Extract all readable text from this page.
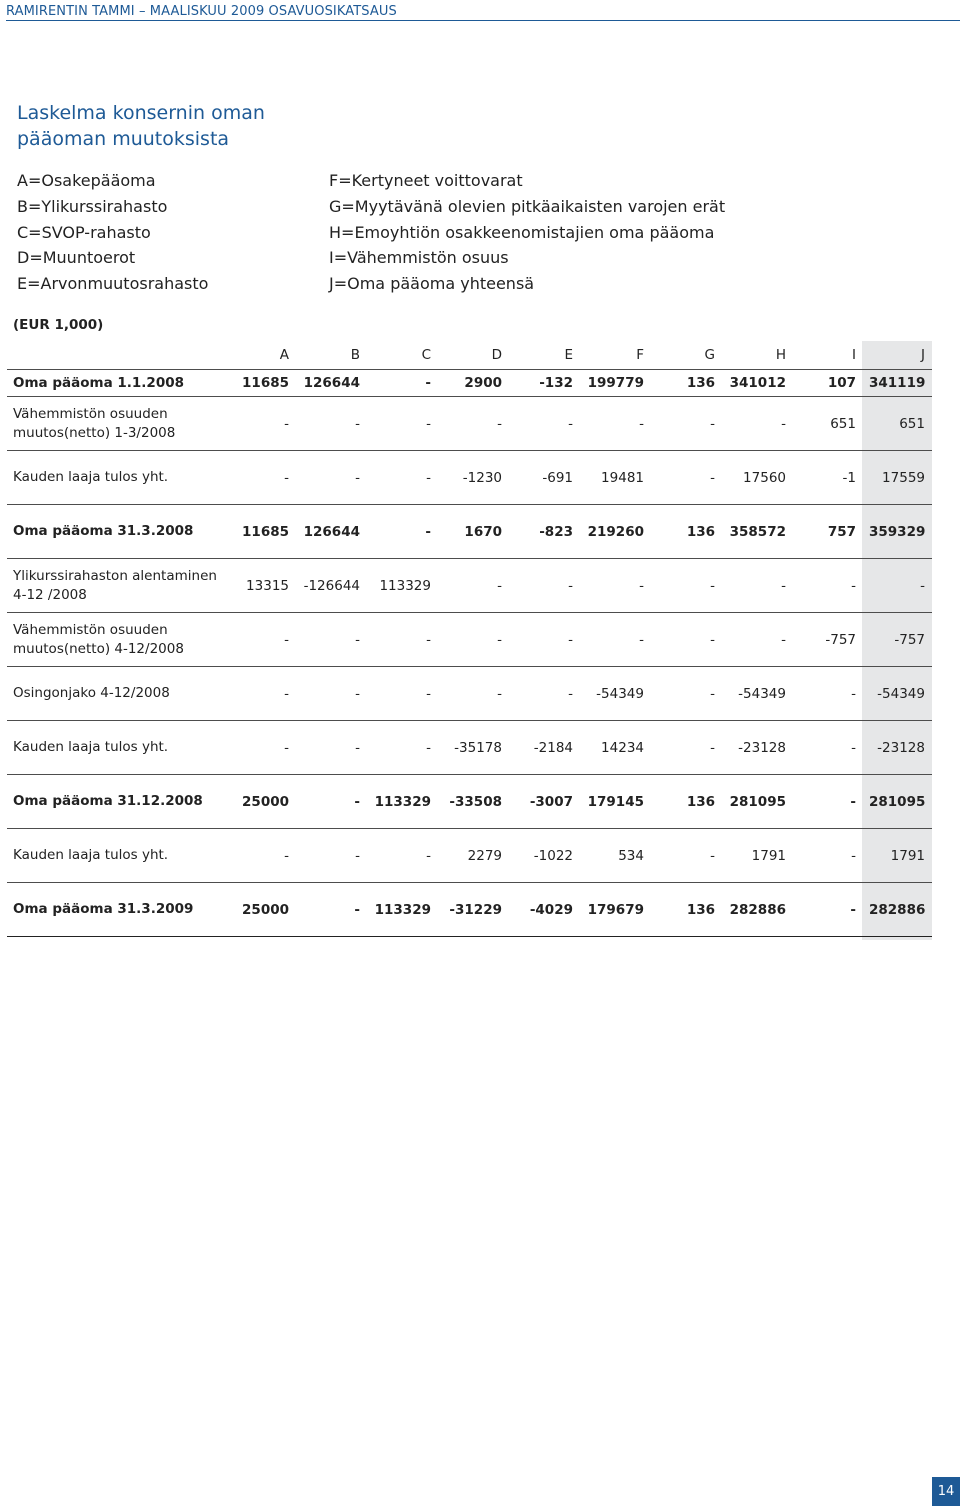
RAMIRENTIN TAMMI – MAALISKUU 2009 OSAVUOSIKATSAUS
Laskelma konsernin oman
pääoman muutoksista
A=Osakepääoma
B=Ylikurssirahasto
C=SVOP-rahasto
D=Muuntoerot
E=Arvonmuutosrahasto
F=Kertyneet voittovarat
G=Myytävänä olevien pitkäaikaisten varojen erät
H=Emoyhtiön osakkeenomistajien oma pääoma
I=Vähemmistön osuus
J=Oma pääoma yhteensä
(EUR 1,000)
	A	B	C	D	E	F	G	H	I	J
Oma pääoma 1.1.2008	11685	126644	-	2900	-132	199779	136	341012	107	341119
Vähemmistön osuuden muutos(netto) 1-3/2008	-	-	-	-	-	-	-	-	651	651
Kauden laaja tulos yht.	-	-	-	-1230	-691	19481	-	17560	-1	17559
Oma pääoma 31.3.2008	11685	126644	-	1670	-823	219260	136	358572	757	359329
Ylikurssirahaston alentaminen 4-12 /2008	13315	-126644	113329	-	-	-	-	-	-	-
Vähemmistön osuuden muutos(netto) 4-12/2008	-	-	-	-	-	-	-	-	-757	-757
Osingonjako 4-12/2008	-	-	-	-	-	-54349	-	-54349	-	-54349
Kauden laaja tulos yht.	-	-	-	-35178	-2184	14234	-	-23128	-	-23128
Oma pääoma 31.12.2008	25000	-	113329	-33508	-3007	179145	136	281095	-	281095
Kauden laaja tulos yht.	-	-	-	2279	-1022	534	-	1791	-	1791
Oma pääoma 31.3.2009	25000	-	113329	-31229	-4029	179679	136	282886	-	282886
14
